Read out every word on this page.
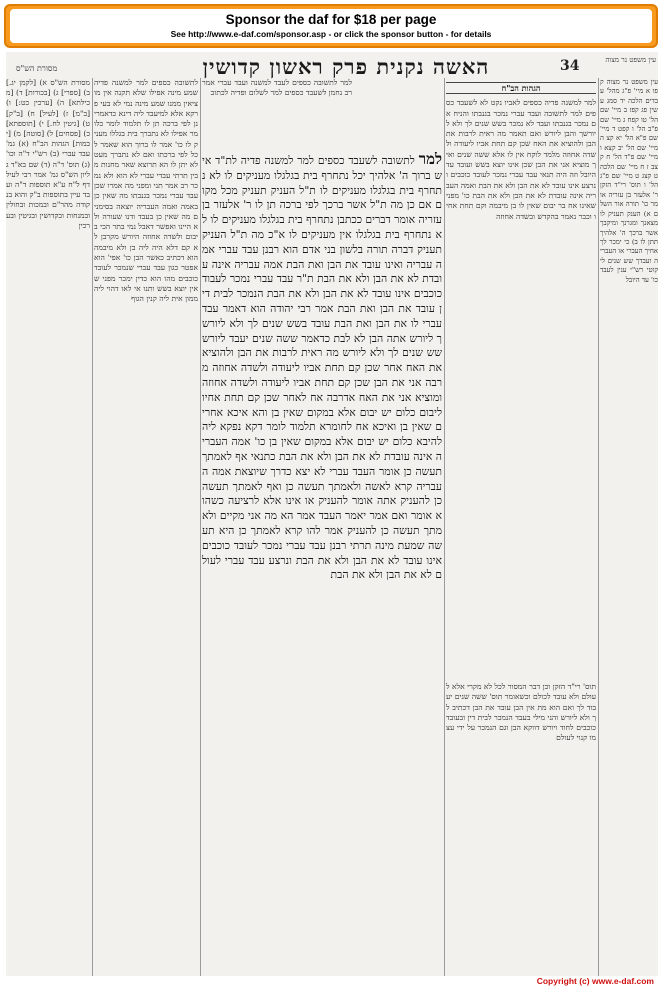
Sponsor the daf for $18 per page
See http://www.e-daf.com/sponsor.asp - or click the sponsor button - for details
מסורת הש"ס	האשה נקנית פרק ראשון קדושין	34	עין משפט נר מצוה
מסורת הש"ס א) [לקמן יג.] ב) [ספרי] ג) [בכורות] ד) [מכילתא] ה) [ערכין כט:] ו) [ב"מ] ז) [לעיל] ח) [ב"ק] ט) [גיטין לח.] י) [תוספתא] כ) [פסחים] ל) [סוטה] מ) [יבמות] הגהות הב"ח (א) גמ' עבד עברי (ב) רש"י ד"ה וכו' (ג) תוס' ד"ה (ד) שם בא"ד גליון הש"ס גמ' אמר רבי לעיל דף ל"ח ע"א תוספות ד"ה ועבד עיין בתוספות ב"ק והוא בנקודה מהר"ם ובמכות ובחולין ובמנחות ובקדושין ובגיטין ובערכין
לתשובה כספים למר למשנה פדיה שמע מינה אפילו שלא תקנה אין מוציאין ממנו שמע מינה נמי לא בעי פרקא אלא למיעבד ליה דינא כדאמרינן לפי ברכה תן לו תלמוד לומר כלומר אפילו לא נתברך בית בגללו מעניק לו כו' אמר לו ברוך הוא שאמר לכל לפי ברכתו ואם לא נתברך מעט לא יתן לו הא תרוצא שאר מחנות מבין תרתי עבדי עברי לא הוא ולא נמכר רב אמר תני ומפני מה אמרו שכן עבד עברי נמכר בגנבתו מה שאין כן באמה ואמה העבריה יוצאה בסימנים מה שאין כן בעבד ודנו שעורה ולא היינו ואפשר דאבל נמי בתר הכי ביבום ולשדה אחוזה היורש מקרבן לא קם דלא היה ליה בן ולא מיבמה הוא דכתיב כאשר הבן כו' אפי' הוא אפטר כגון עבד עברי שנמכר לעובד כוכבים מהו הוא כדין ימכר מפני שאין יוצא בשש ותנו אי לאו דהוי ליה ממון אית ליה קנין הגוף
למר לתשובה כספים לעבד למשנה ועבד עברי אמר רב נחמן לשעבד כספים למר לשלום ופדיה לכתוב
למר לתשובה לשעבד כספים למר למשנה פדיה לת"ד איש ברוך ה' אלהיך יכל נתחרף בית בגלגלו מעניקים לו לא נתחרף בית בגלגלו מעניקים לו ת"ל העניק תעניק מכל מקום אם כן מה ת"ל אשר ברכך לפי ברכה תן לו ר' אלעזר בן עזריה אומר דברים ככתבן נתחרף בית בגלגלו מעניקים לו לא נתחרף בית בגלגלו אין מעניקים לו א"כ מה ת"ל העניק תעניק דברה תורה בלשון בני אדם הוא רבנן עבד עברי אמה עבריה ואינו עובד את הבן ואת הבת אמה עבריה אינה עובדת לא את הבן ולא את הבת ת"ר עבד עברי נמכר לעבוד כוכבים אינו עובד לא את הבן ולא את הבת הנמכר לבית דין עובד את הבן ואת הבת אמר רבי יהודה הוא דאמר עבד עברי לו את הבן ואת הבת עובד בשש שנים לך ולא ליורשך ליורש אתה הבן לא לבת כדאמר ששה שנים יעבד ליורש שש שנים לך ולא ליורש מה ראית לרבות את הבן ולהוציא את האח אחר שכן קם תחת אביו ליעודה ולשדה אחוזה מרבה אני את הבן שכן קם תחת אביו ליעודה ולשדה אחוזה ומוציא אני את האח אדרבה אח לאחר שכן קם תחת אחיו ליבום כלום יש יבום אלא במקום שאין בן והא איכא אחרים שאין בן ואיכא אח לחומרא תלמוד לומר דקא נפקא ליה להיבא כלום יש יבום אלא במקום שאין בן כו' אמה העבריה אינה עובדת לא את הבן ולא את הבת כתנאי אף לאמתך תעשה כן אומר העבד עברי לא יצא כדרך שיוצאת אמה העבריה קרא לאשה ולאמתך תעשה כן ואף לאמתך תעשה כן להעניק אתה אומר להעניק או אינו אלא לרציעה כשהוא אומר ואם אמר יאמר העבד אמר הא מה אני מקיים ולאמתך תעשה כן להעניק אמר להו קרא לאמתך כן היא תעשה שמעת מינה תרתי רבנן עבד עברי נמכר לעובד כוכבים אינו עובד לא את הבן ולא את הבת ונרצע עבד עברי לעולם לא את הבן ולא את הבת
הגהות הב"ח
למר למשנה פדיה כספים לאביו נקט לא לשעבד כספים למר לתשובה ועבד עברי נמכר בגנבתו והניח אם נמכר בגנבתו ועבד לא נמכר בשש שנים לך ולא ליורשך והבן ליורש ואם תאמר מה ראית לרבות את הבן ולהוציא את האח שכן קם תחת אביו ליעודה ולשדה אחוזה מלמד לוקח אין לו אלא ששה שנים ואיך מוציא אני את הבן שכן אינו יוצא בשש ועובד עד היובל וזה היה תנאי עבד עברי נמכר לעובד כוכבים ונרצע אינו עובד לא את הבן ולא את הבת ואמה העבריה אינה עובדת לא את הבן ולא את הבת כו' מפני שאינו אח בר יבום שאין לו בן מיבמה וקם תחת אחיו וכבר נאמר בהקדש ובשדה אחוזה
תוס' רי"ד הזקן וכן דבר המסור לכל לא מקרי אלא לעולם ולא עובד לכולם וכשאומר תוס' ששה שנים יעבוד לך ואם הוא מת אין הבן עובד את הבן דכתיב לך ולא ליורש והני מילי בעבד הנמכר לבית דין ובעובד כוכבים לחוד ויורש דווקא הבן וגם הנמכר על ידי עצמו קנוי לעולם
עין משפט נר מצוה קפו א מיי' פ"ג מהל' עבדים הלכה יד סמג עשין פג קפז ב מיי' שם הל' טו קפח ג מיי' שם פ"ב הל' ו קפט ד מיי' שם פ"א הל' יא קצ ה מיי' שם הל' יב קצא ו מיי' שם פ"ד הל' ח קצב ז ח מיי' שם הלכה ט קצג ט מיי' שם פ"ג הל' ו תוס' רי"ד הזקן ר' אלעזר בן עזריה אומר כו' תורה אור השלם א) הענק תעניק לו מצאנך ומגרנך ומיקבך אשר ברכך ה' אלהיך תתן לו ב) כי ימכר לך אחיך העברי או העבריה ועבדך שש שנים ליקוטי רש"י ענין לעבד כו' עד היובל
Copyright (c) www.e-daf.com
